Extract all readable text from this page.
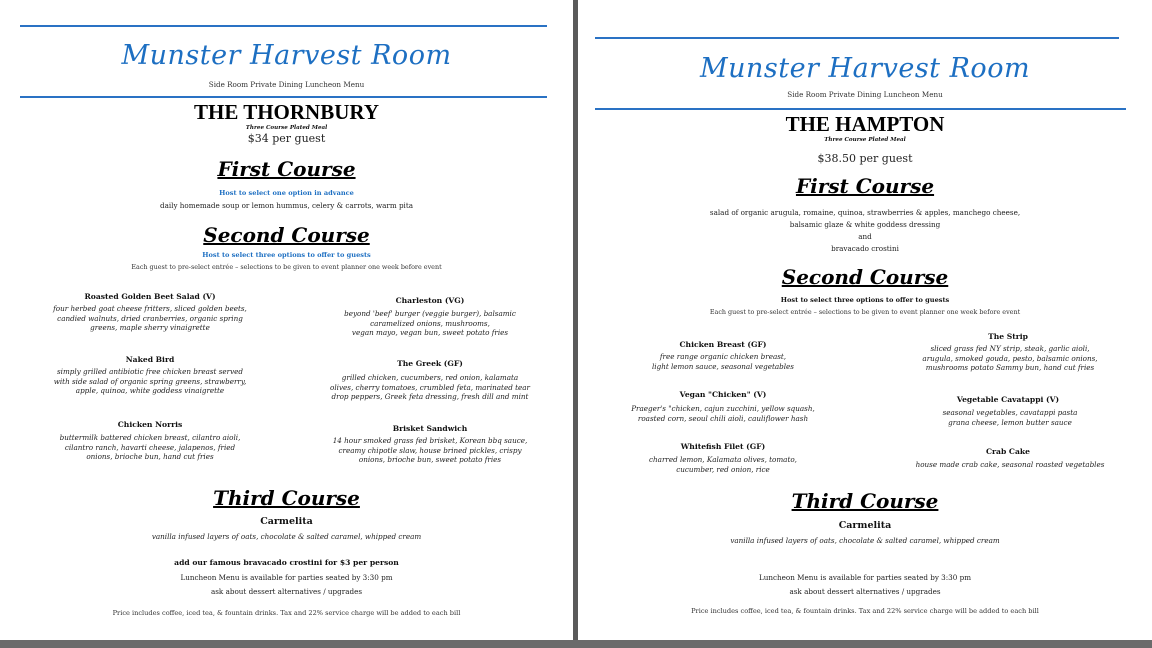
Munster Harvest Room
Side Room Private Dining Luncheon Menu
THE THORNBURY
Three Course Plated Meal
$34 per guest
First Course
Host to select one option in advance
daily homemade soup or lemon hummus, celery & carrots, warm pita
Second Course
Host to select three options to offer to guests
Each guest to pre-select entrée – selections to be given to event planner one week before event
Roasted Golden Beet Salad (V)
four herbed goat cheese fritters, sliced golden beets,
candied walnuts, dried cranberries, organic spring
greens, maple sherry vinaigrette
Naked Bird
simply grilled antibiotic free chicken breast served
with side salad of organic spring greens, strawberry,
apple, quinoa, white goddess vinaigrette
Chicken Norris
buttermilk battered chicken breast, cilantro aioli,
cilantro ranch, havarti cheese, jalapenos, fried
onions, brioche bun, hand cut fries
Charleston (VG)
beyond 'beef' burger (veggie burger), balsamic
caramelized onions, mushrooms,
vegan mayo, vegan bun, sweet potato fries
The Greek (GF)
grilled chicken, cucumbers, red onion, kalamata
olives, cherry tomatoes, crumbled feta, marinated tear
drop peppers, Greek feta dressing, fresh dill and mint
Brisket Sandwich
14 hour smoked grass fed brisket, Korean bbq sauce,
creamy chipotle slaw, house brined pickles, crispy
onions, brioche bun, sweet potato fries
Third Course
Carmelita
vanilla infused layers of oats, chocolate & salted caramel, whipped cream
add our famous bravacado crostini for $3 per person
Luncheon Menu is available for parties seated by 3:30 pm
ask about dessert alternatives / upgrades
Price includes coffee, iced tea, & fountain drinks. Tax and 22% service charge will be added to each bill
Munster Harvest Room
Side Room Private Dining Luncheon Menu
THE HAMPTON
Three Course Plated Meal
$38.50 per guest
First Course
salad of organic arugula, romaine, quinoa, strawberries & apples, manchego cheese,
balsamic glaze & white goddess dressing
and
bravacado crostini
Second Course
Host to select three options to offer to guests
Each guest to pre-select entrée – selections to be given to event planner one week before event
Chicken Breast (GF)
free range organic chicken breast,
light lemon sauce, seasonal vegetables
Vegan "Chicken" (V)
Praeger's "chicken, cajun zucchini, yellow squash,
roasted corn, seoul chili aioli, cauliflower hash
Whitefish Filet (GF)
charred lemon, Kalamata olives, tomato,
cucumber, red onion, rice
The Strip
sliced grass fed NY strip, steak, garlic aioli,
arugula, smoked gouda, pesto, balsamic onions,
mushrooms potato Sammy bun, hand cut fries
Vegetable Cavatappi (V)
seasonal vegetables, cavatappi pasta
grana cheese, lemon butter sauce
Crab Cake
house made crab cake, seasonal roasted vegetables
Third Course
Carmelita
vanilla infused layers of oats, chocolate & salted caramel, whipped cream
Luncheon Menu is available for parties seated by 3:30 pm
ask about dessert alternatives / upgrades
Price includes coffee, iced tea, & fountain drinks. Tax and 22% service charge will be added to each bill
